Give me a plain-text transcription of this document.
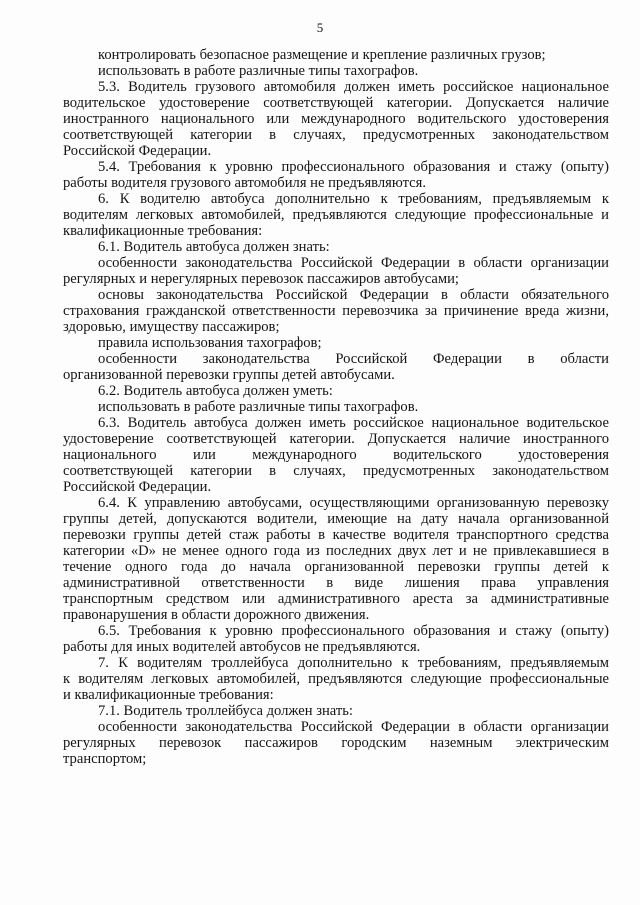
5
контролировать безопасное размещение и крепление различных грузов;
использовать в работе различные типы тахографов.
5.3. Водитель грузового автомобиля должен иметь российское национальное
водительское удостоверение соответствующей категории. Допускается наличие
иностранного национального или международного водительского удостоверения
соответствующей категории в случаях, предусмотренных законодательством
Российской Федерации.
5.4. Требования к уровню профессионального образования и стажу (опыту)
работы водителя грузового автомобиля не предъявляются.
6. К водителю автобуса дополнительно к требованиям, предъявляемым к
водителям легковых автомобилей, предъявляются следующие профессиональные и
квалификационные требования:
6.1. Водитель автобуса должен знать:
особенности законодательства Российской Федерации в области организации
регулярных и нерегулярных перевозок пассажиров автобусами;
основы законодательства Российской Федерации в области обязательного
страхования гражданской ответственности перевозчика за причинение вреда жизни,
здоровью, имуществу пассажиров;
правила использования тахографов;
особенности законодательства Российской Федерации в области
организованной перевозки группы детей автобусами.
6.2. Водитель автобуса должен уметь:
использовать в работе различные типы тахографов.
6.3. Водитель автобуса должен иметь российское национальное водительское
удостоверение соответствующей категории. Допускается наличие иностранного
национального или международного водительского удостоверения
соответствующей категории в случаях, предусмотренных законодательством
Российской Федерации.
6.4. К управлению автобусами, осуществляющими организованную перевозку
группы детей, допускаются водители, имеющие на дату начала организованной
перевозки группы детей стаж работы в качестве водителя транспортного средства
категории «D» не менее одного года из последних двух лет и не привлекавшиеся в
течение одного года до начала организованной перевозки группы детей к
административной ответственности в виде лишения права управления
транспортным средством или административного ареста за административные
правонарушения в области дорожного движения.
6.5. Требования к уровню профессионального образования и стажу (опыту)
работы для иных водителей автобусов не предъявляются.
7. К водителям троллейбуса дополнительно к требованиям, предъявляемым
к водителям легковых автомобилей, предъявляются следующие профессиональные
и квалификационные требования:
7.1. Водитель троллейбуса должен знать:
особенности законодательства Российской Федерации в области организации
регулярных перевозок пассажиров городским наземным электрическим
транспортом;
